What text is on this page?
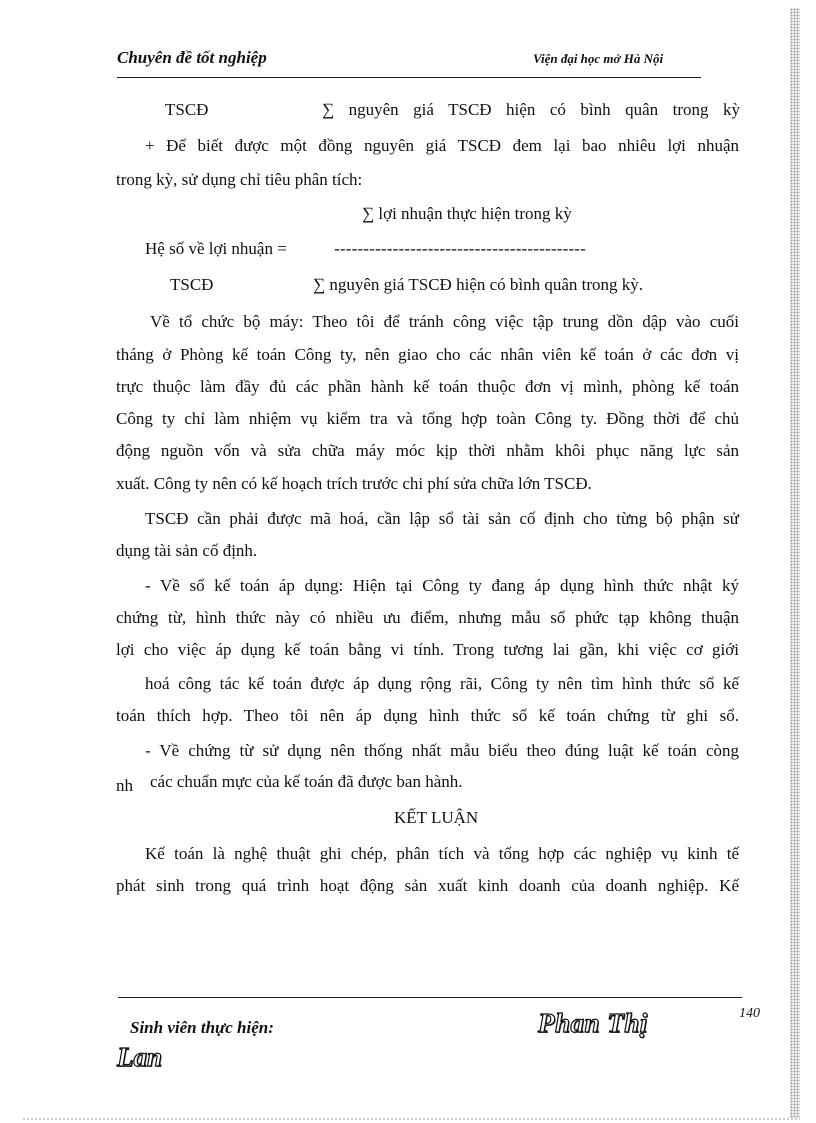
Chuyên đề tốt nghiệp	Viện đại học mở Hà Nội
TSCĐ	∑ nguyên giá TSCĐ hiện có bình quân trong kỳ
+ Để biết được một đồng nguyên giá TSCĐ đem lại bao nhiêu lợi nhuận
trong kỳ, sử dụng chỉ tiêu phân tích:
∑ lợi nhuận thực hiện trong kỳ
Hệ số về lợi nhuận =	-------------------------------------------
TSCĐ	∑ nguyên giá TSCĐ hiện có bình quân trong kỳ.
Về tổ chức bộ máy: Theo tôi để tránh công việc tập trung dồn dập vào cuối
tháng ở Phòng kế toán Công ty, nên giao cho các nhân viên kế toán ở các đơn vị
trực thuộc làm đầy đủ các phần hành kế toán thuộc đơn vị mình, phòng kế toán
Công ty chỉ làm nhiệm vụ kiểm tra và tổng hợp toàn Công ty. Đồng thời để chủ
động nguồn vốn và sửa chữa máy móc kịp thời nhằm khôi phục năng lực sản
xuất. Công ty nên có kế hoạch trích trước chi phí sửa chữa lớn TSCĐ.
TSCĐ cần phải được mã hoá, cần lập sổ tài sản cố định cho từng bộ phận sử
dụng tài sản cố định.
- Về sổ kế toán áp dụng: Hiện tại Công ty đang áp dụng hình thức nhật ký
chứng từ, hình thức này có nhiều ưu điểm, nhưng mẫu sổ phức tạp không thuận
lợi cho việc áp dụng kế toán bằng vi tính. Trong tương lai gần, khi việc cơ giới
hoá công tác kế toán được áp dụng rộng rãi, Công ty nên tìm hình thức sổ kế
toán thích hợp. Theo tôi nên áp dụng hình thức sổ kế toán chứng từ ghi sổ.
- Về chứng từ sử dụng nên thống nhất mẫu biểu theo đúng luật kế toán còng
nh các chuẩn mực của kế toán đã được ban hành.
KẾT LUẬN
Kế toán là nghệ thuật ghi chép, phân tích và tổng hợp các nghiệp vụ kinh tế
phát sinh trong quá trình hoạt động sản xuất kinh doanh của doanh nghiệp. Kế
Sinh viên thực hiện:	Phan Thị
Lan
140
